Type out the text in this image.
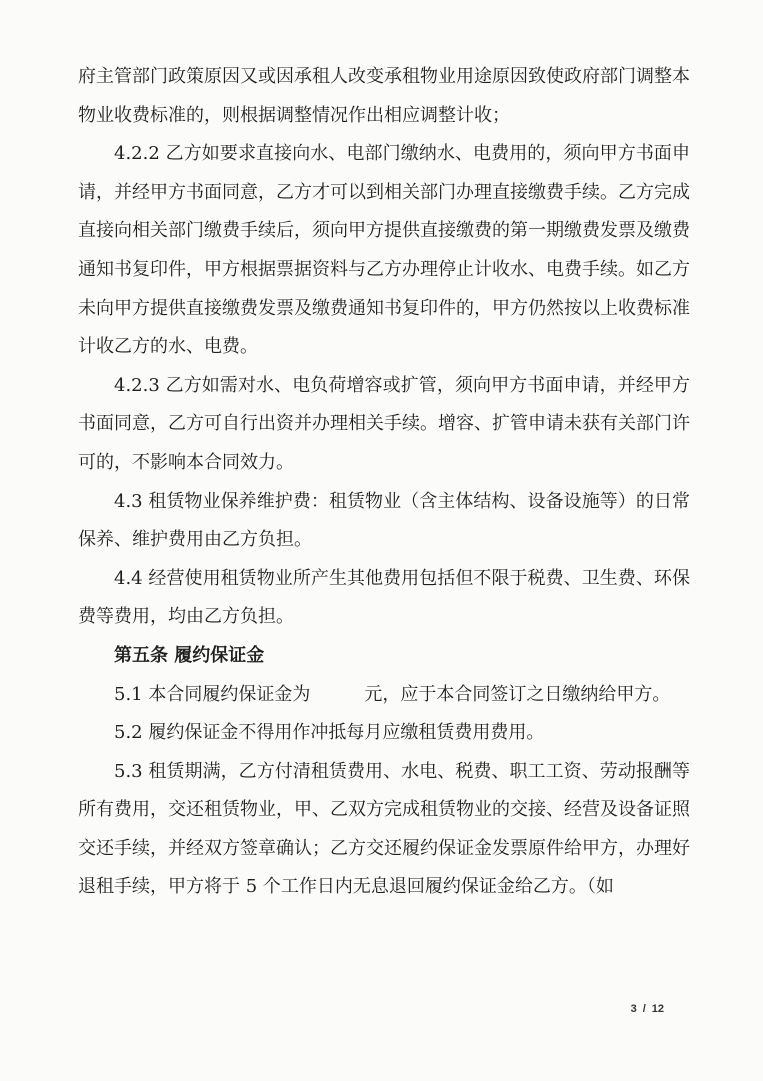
府主管部门政策原因又或因承租人改变承租物业用途原因致使政府部门调整本物业收费标准的，则根据调整情况作出相应调整计收；

4.2.2 乙方如要求直接向水、电部门缴纳水、电费用的，须向甲方书面申请，并经甲方书面同意，乙方才可以到相关部门办理直接缴费手续。乙方完成直接向相关部门缴费手续后，须向甲方提供直接缴费的第一期缴费发票及缴费通知书复印件，甲方根据票据资料与乙方办理停止计收水、电费手续。如乙方未向甲方提供直接缴费发票及缴费通知书复印件的，甲方仍然按以上收费标准计收乙方的水、电费。

4.2.3 乙方如需对水、电负荷增容或扩管，须向甲方书面申请，并经甲方书面同意，乙方可自行出资并办理相关手续。增容、扩管申请未获有关部门许可的，不影响本合同效力。

4.3 租赁物业保养维护费：租赁物业（含主体结构、设备设施等）的日常保养、维护费用由乙方负担。

4.4 经营使用租赁物业所产生其他费用包括但不限于税费、卫生费、环保费等费用，均由乙方负担。

第五条 履约保证金

5.1 本合同履约保证金为	元，应于本合同签订之日缴纳给甲方。

5.2 履约保证金不得用作冲抵每月应缴租赁费用费用。

5.3 租赁期满，乙方付清租赁费用、水电、税费、职工工资、劳动报酬等所有费用，交还租赁物业，甲、乙双方完成租赁物业的交接、经营及设备证照交还手续，并经双方签章确认；乙方交还履约保证金发票原件给甲方，办理好退租手续，甲方将于 5 个工作日内无息退回履约保证金给乙方。（如

3 / 12
